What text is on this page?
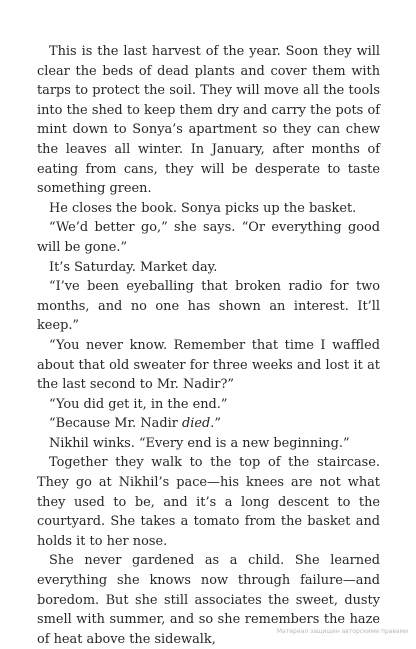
This is the last harvest of the year. Soon they will clear the beds of dead plants and cover them with tarps to protect the soil. They will move all the tools into the shed to keep them dry and carry the pots of mint down to Sonya’s apartment so they can chew the leaves all winter. In January, after months of eating from cans, they will be desperate to taste something green.

He closes the book. Sonya picks up the basket.

“We’d better go,” she says. “Or everything good will be gone.”

It’s Saturday. Market day.

“I’ve been eyeballing that broken radio for two months, and no one has shown an interest. It’ll keep.”

“You never know. Remember that time I waffled about that old sweater for three weeks and lost it at the last second to Mr. Nadir?”

“You did get it, in the end.”

“Because Mr. Nadir died.”

Nikhil winks. “Every end is a new beginning.”

Together they walk to the top of the staircase. They go at Nikhil’s pace—his knees are not what they used to be, and it’s a long descent to the courtyard. She takes a tomato from the basket and holds it to her nose.

She never gardened as a child. She learned everything she knows now through failure—and boredom. But she still associates the sweet, dusty smell with summer, and so she remembers the haze of heat above the sidewalk,

Материал защищен авторскими правами
